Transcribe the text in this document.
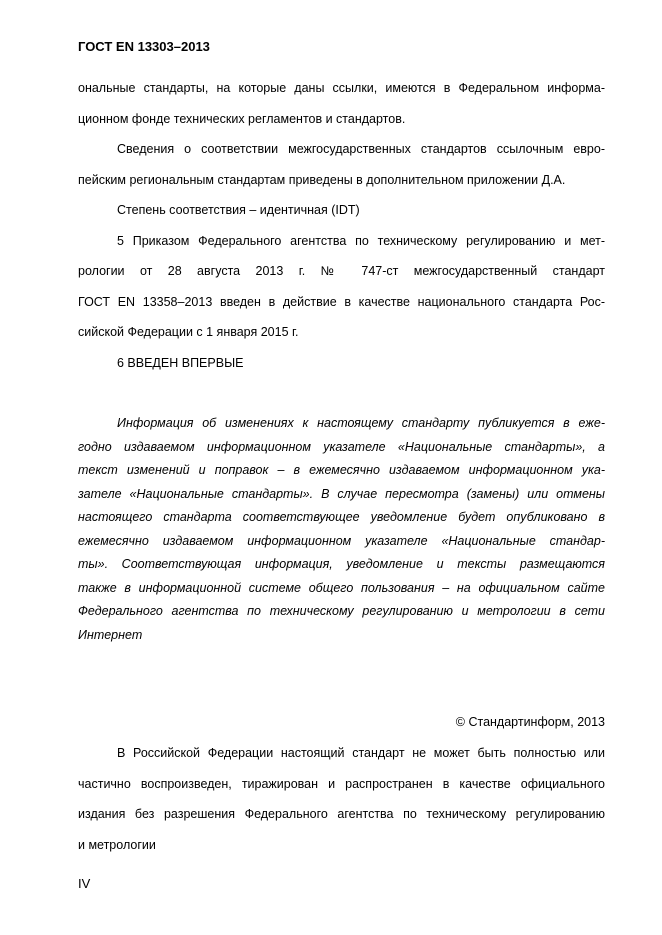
ГОСТ EN 13303–2013
ональные стандарты, на которые даны ссылки, имеются в Федеральном информа-
ционном фонде технических регламентов и стандартов.
Сведения о соответствии межгосударственных стандартов ссылочным евро-
пейским региональным стандартам приведены в дополнительном приложении Д.А.
Степень соответствия – идентичная (IDT)
5 Приказом Федерального агентства по техническому регулированию и мет-
рологии от 28 августа 2013 г. № 747-ст межгосударственный стандарт
ГОСТ EN 13358–2013 введен в действие в качестве национального стандарта Рос-
сийской Федерации с 1 января 2015 г.
6 ВВЕДЕН ВПЕРВЫЕ
Информация об изменениях к настоящему стандарту публикуется в еже-
годно издаваемом информационном указателе «Национальные стандарты», а
текст изменений и поправок – в ежемесячно издаваемом информационном ука-
зателе «Национальные стандарты». В случае пересмотра (замены) или отмены
настоящего стандарта соответствующее уведомление будет опубликовано в
ежемесячно издаваемом информационном указателе «Национальные стандар-
ты». Соответствующая информация, уведомление и тексты размещаются
также в информационной системе общего пользования – на официальном сайте
Федерального агентства по техническому регулированию и метрологии в сети
Интернет
© Стандартинформ, 2013
В Российской Федерации настоящий стандарт не может быть полностью или
частично воспроизведен, тиражирован и распространен в качестве официального
издания без разрешения Федерального агентства по техническому регулированию
и метрологии
IV
